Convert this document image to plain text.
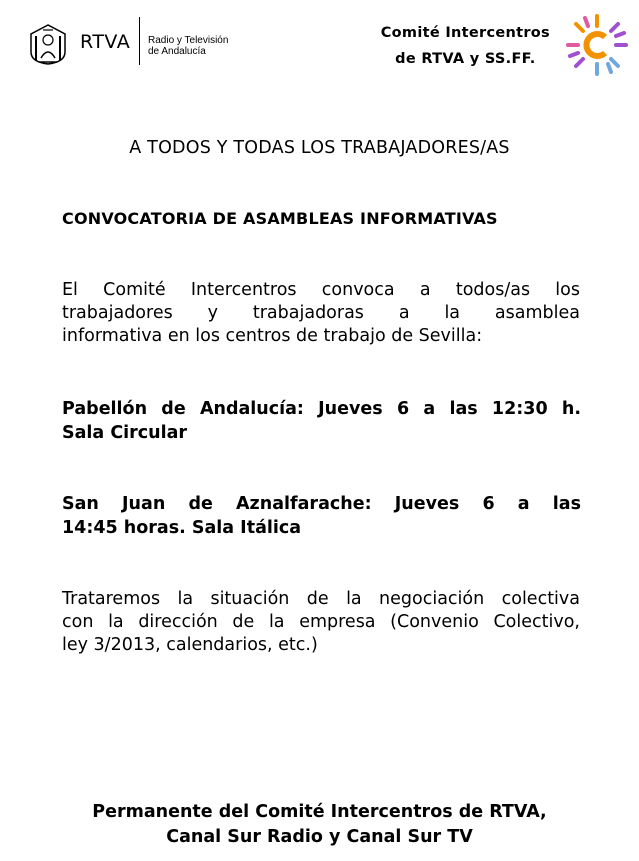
RTVA Radio y Televisión
de Andalucía
Comité Intercentros
de RTVA y SS.FF.
A TODOS Y TODAS LOS TRABAJADORES/AS
CONVOCATORIA DE ASAMBLEAS INFORMATIVAS
El Comité Intercentros convoca a todos/as los
trabajadores y trabajadoras a la asamblea
informativa en los centros de trabajo de Sevilla:
Pabellón de Andalucía: Jueves 6 a las 12:30 h.
Sala Circular
San Juan de Aznalfarache: Jueves 6 a las
14:45 horas. Sala Itálica
Trataremos la situación de la negociación colectiva
con la dirección de la empresa (Convenio Colectivo,
ley 3/2013, calendarios, etc.)
Permanente del Comité Intercentros de RTVA,
Canal Sur Radio y Canal Sur TV
